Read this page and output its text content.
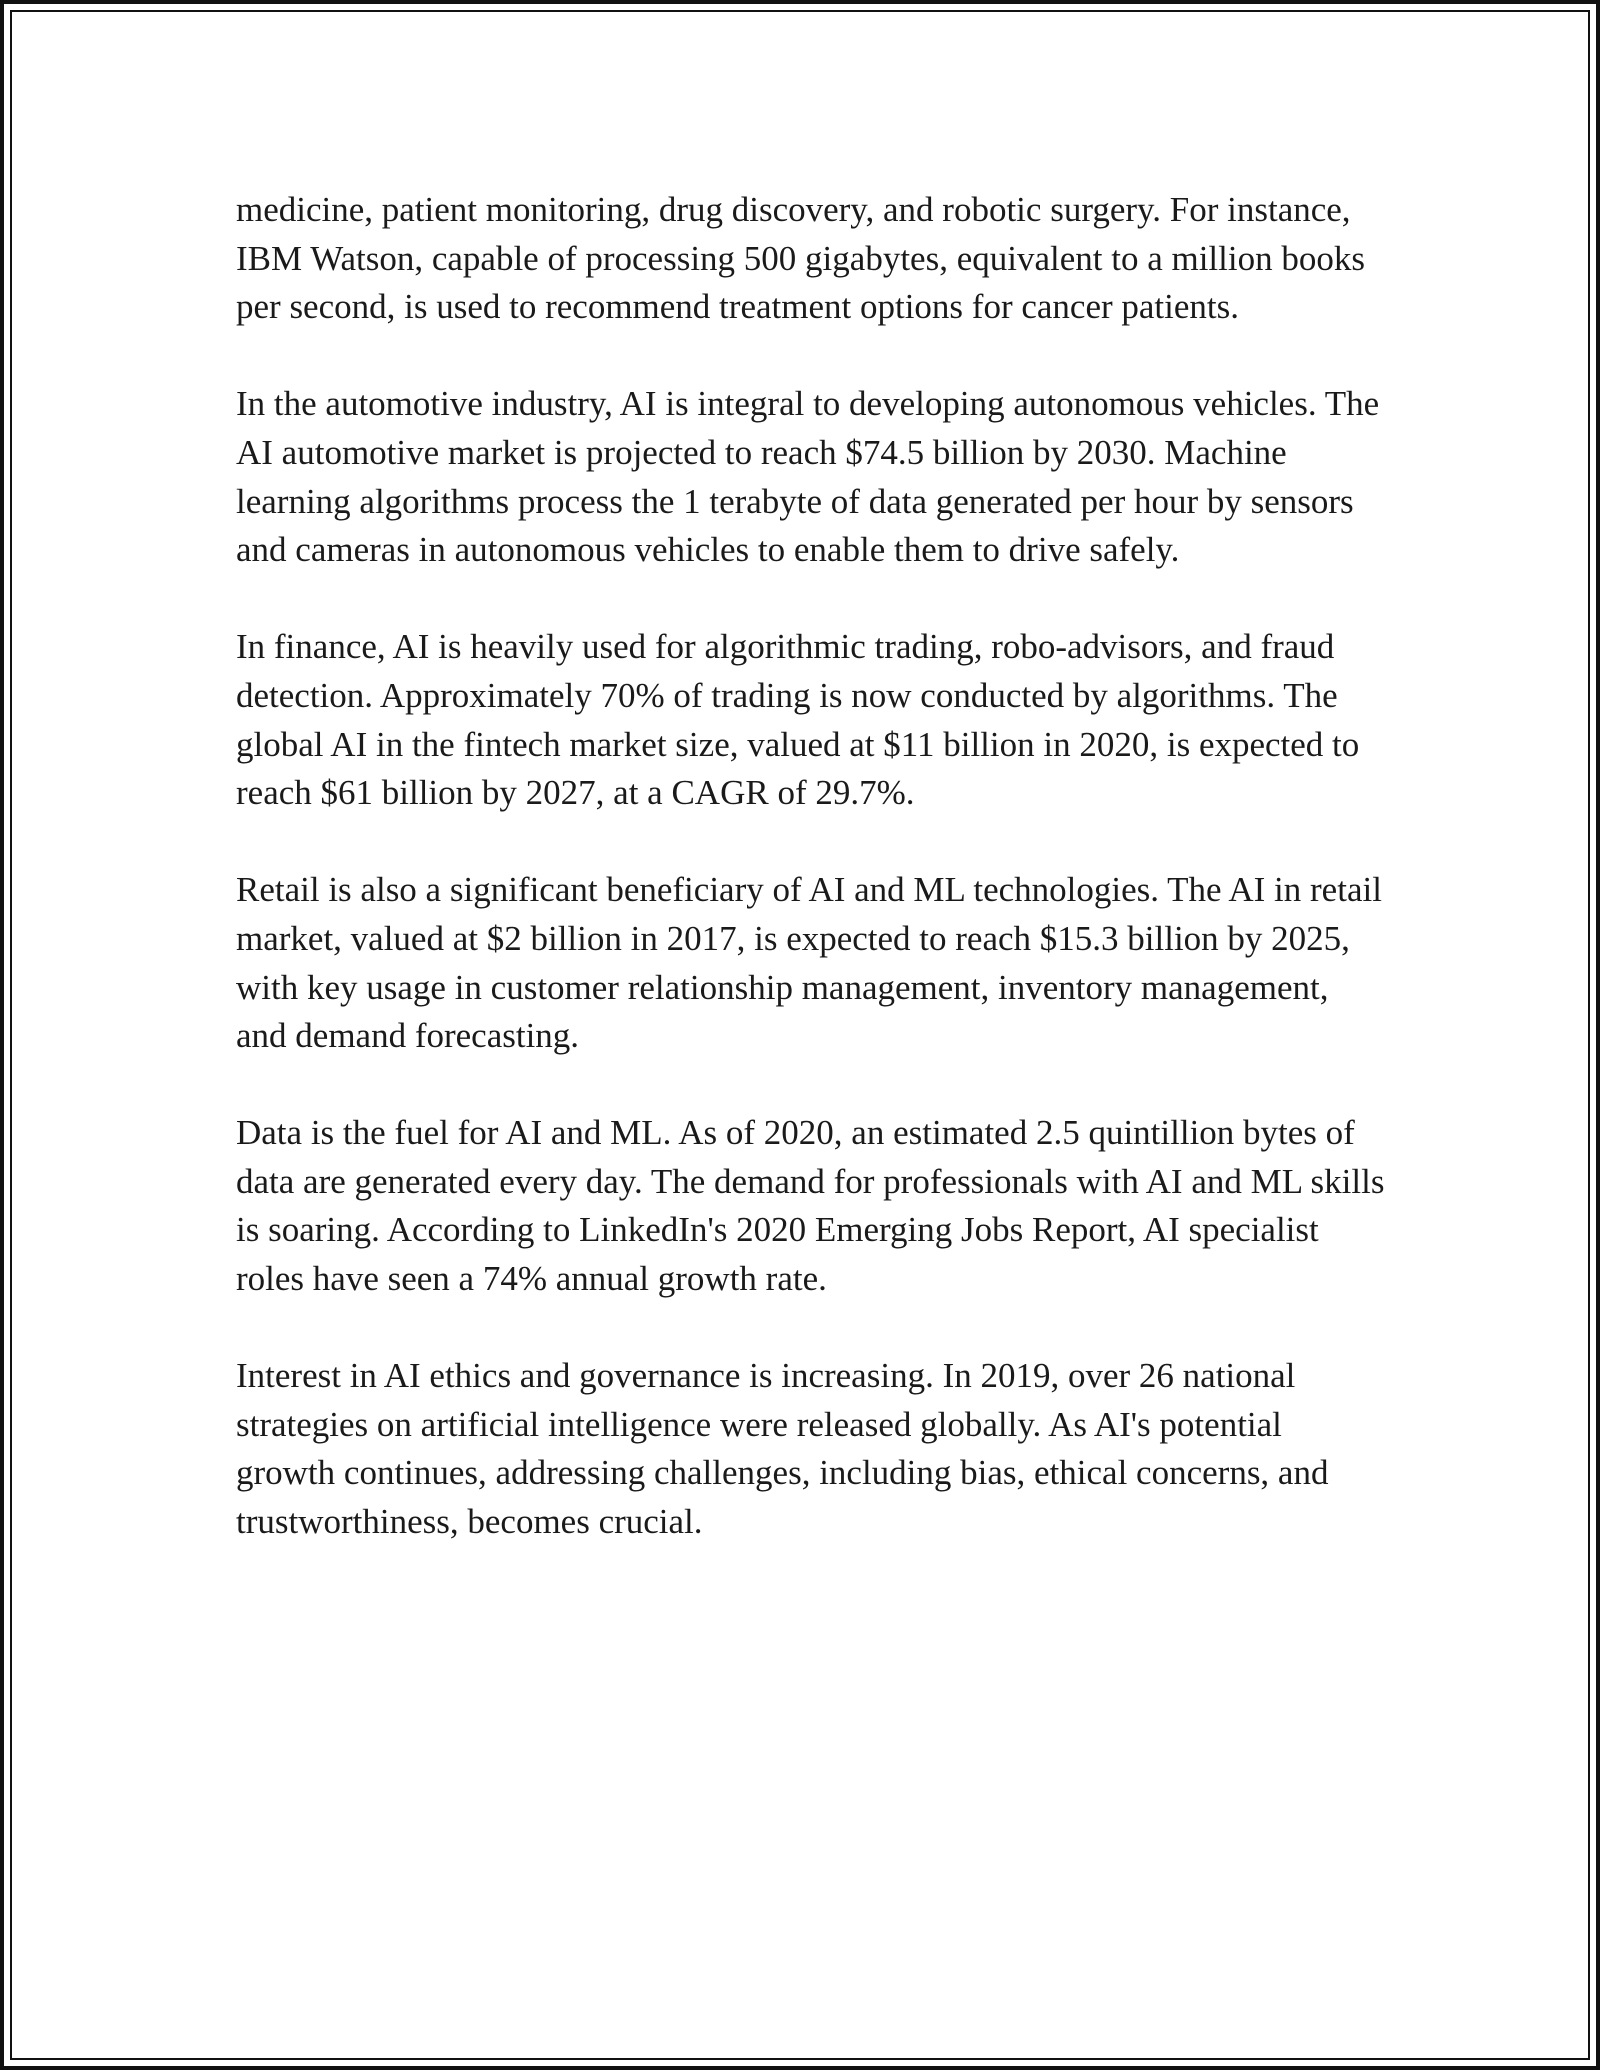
medicine, patient monitoring, drug discovery, and robotic surgery. For instance, IBM Watson, capable of processing 500 gigabytes, equivalent to a million books per second, is used to recommend treatment options for cancer patients.

In the automotive industry, AI is integral to developing autonomous vehicles. The AI automotive market is projected to reach $74.5 billion by 2030. Machine learning algorithms process the 1 terabyte of data generated per hour by sensors and cameras in autonomous vehicles to enable them to drive safely.

In finance, AI is heavily used for algorithmic trading, robo-advisors, and fraud detection. Approximately 70% of trading is now conducted by algorithms. The global AI in the fintech market size, valued at $11 billion in 2020, is expected to reach $61 billion by 2027, at a CAGR of 29.7%.

Retail is also a significant beneficiary of AI and ML technologies. The AI in retail market, valued at $2 billion in 2017, is expected to reach $15.3 billion by 2025, with key usage in customer relationship management, inventory management, and demand forecasting.

Data is the fuel for AI and ML. As of 2020, an estimated 2.5 quintillion bytes of data are generated every day. The demand for professionals with AI and ML skills is soaring. According to LinkedIn's 2020 Emerging Jobs Report, AI specialist roles have seen a 74% annual growth rate.

Interest in AI ethics and governance is increasing. In 2019, over 26 national strategies on artificial intelligence were released globally. As AI's potential growth continues, addressing challenges, including bias, ethical concerns, and trustworthiness, becomes crucial.
